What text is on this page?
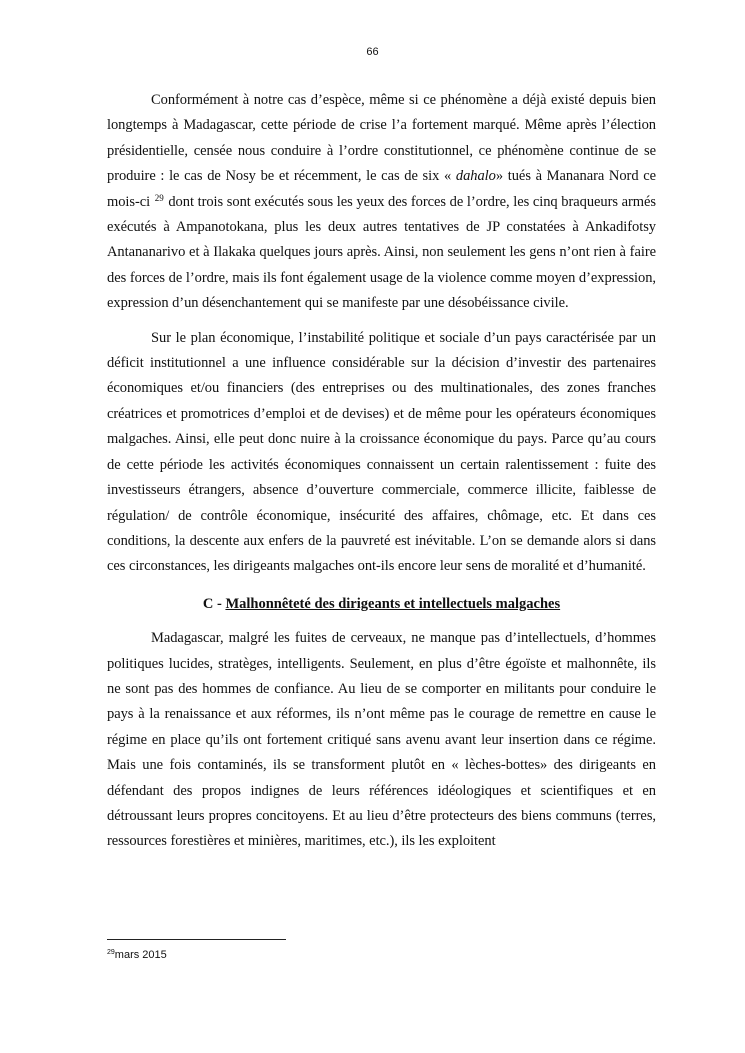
66

Conformément à notre cas d’espèce, même si ce phénomène a déjà existé depuis bien longtemps à Madagascar, cette période de crise l’a fortement marqué. Même après l’élection présidentielle, censée nous conduire à l’ordre constitutionnel, ce phénomène continue de se produire : le cas de Nosy be et récemment, le cas de six « dahalo» tués à Mananara Nord ce mois-ci $^{29}$ dont trois sont exécutés sous les yeux des forces de l’ordre, les cinq braqueurs armés exécutés à Ampanotokana, plus les deux autres tentatives de JP constatées à Ankadifotsy Antananarivo et à Ilakaka quelques jours après. Ainsi, non seulement les gens n’ont rien à faire des forces de l’ordre, mais ils font également usage de la violence comme moyen d’expression, expression d’un désenchantement qui se manifeste par une désobéissance civile.

Sur le plan économique, l’instabilité politique et sociale d’un pays caractérisée par un déficit institutionnel a une influence considérable sur la décision d’investir des partenaires économiques et/ou financiers (des entreprises ou des multinationales, des zones franches créatrices et promotrices d’emploi et de devises) et de même pour les opérateurs économiques malgaches. Ainsi, elle peut donc nuire à la croissance économique du pays. Parce qu’au cours de cette période les activités économiques connaissent un certain ralentissement : fuite des investisseurs étrangers, absence d’ouverture commerciale, commerce illicite, faiblesse de régulation/ de contrôle économique, insécurité des affaires, chômage, etc. Et dans ces conditions, la descente aux enfers de la pauvreté est inévitable. L’on se demande alors si dans ces circonstances, les dirigeants malgaches ont-ils encore leur sens de moralité et d’humanité.

C - Malhonnêteté des dirigeants et intellectuels malgaches

Madagascar, malgré les fuites de cerveaux, ne manque pas d’intellectuels, d’hommes politiques lucides, stratèges, intelligents. Seulement, en plus d’être égoïste et malhonnête, ils ne sont pas des hommes de confiance. Au lieu de se comporter en militants pour conduire le pays à la renaissance et aux réformes, ils n’ont même pas le courage de remettre en cause le régime en place qu’ils ont fortement critiqué sans avenu avant leur insertion dans ce régime. Mais une fois contaminés, ils se transforment plutôt en « lèches-bottes» des dirigeants en défendant des propos indignes de leurs références idéologiques et scientifiques et en détroussant leurs propres concitoyens. Et au lieu d’être protecteurs des biens communs (terres, ressources forestières et minières, maritimes, etc.), ils les exploitent

$^{29}$mars 2015
